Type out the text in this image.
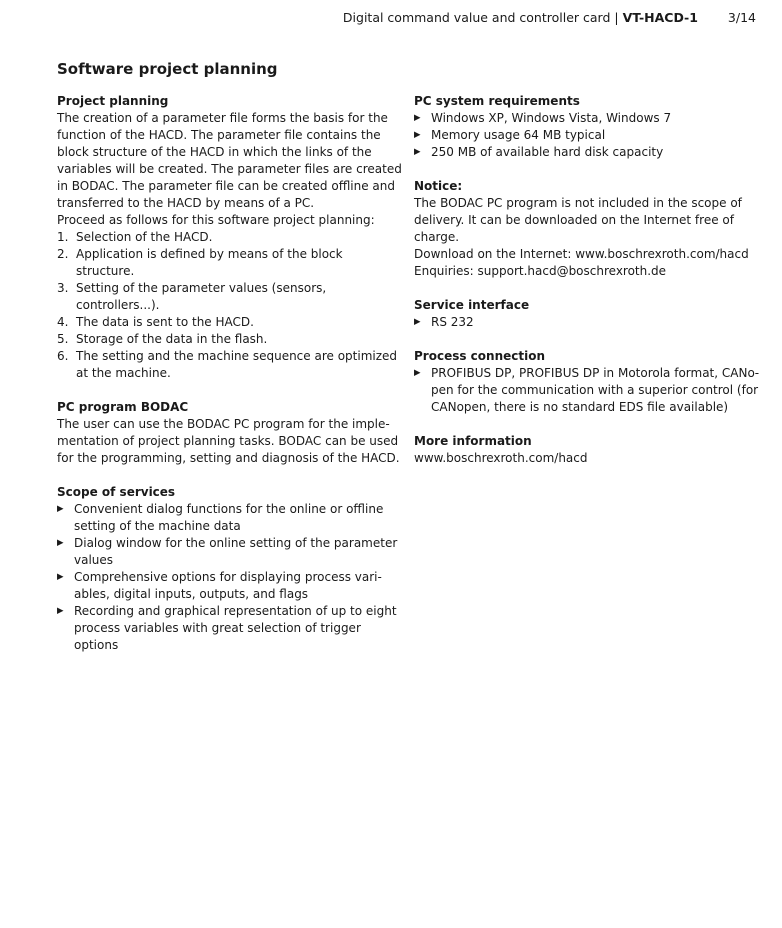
Digital command value and controller card | VT-HACD-1 3/14
Software project planning
Project planning
The creation of a parameter file forms the basis for the function of the HACD. The parameter file contains the block structure of the HACD in which the links of the variables will be created. The parameter files are created in BODAC. The parameter file can be created offline and transferred to the HACD by means of a PC.
Proceed as follows for this software project planning:
1. Selection of the HACD.
2. Application is defined by means of the block structure.
3. Setting of the parameter values (sensors, controllers...).
4. The data is sent to the HACD.
5. Storage of the data in the flash.
6. The setting and the machine sequence are optimized at the machine.
PC program BODAC
The user can use the BODAC PC program for the implementation of project planning tasks. BODAC can be used for the programming, setting and diagnosis of the HACD.
Scope of services
▶ Convenient dialog functions for the online or offline setting of the machine data
▶ Dialog window for the online setting of the parameter values
▶ Comprehensive options for displaying process variables, digital inputs, outputs, and flags
▶ Recording and graphical representation of up to eight process variables with great selection of trigger options
PC system requirements
▶ Windows XP, Windows Vista, Windows 7
▶ Memory usage 64 MB typical
▶ 250 MB of available hard disk capacity
Notice:
The BODAC PC program is not included in the scope of delivery. It can be downloaded on the Internet free of charge.
Download on the Internet: www.boschrexroth.com/hacd
Enquiries: support.hacd@boschrexroth.de
Service interface
▶ RS 232
Process connection
▶ PROFIBUS DP, PROFIBUS DP in Motorola format, CANopen for the communication with a superior control (for CANopen, there is no standard EDS file available)
More information
www.boschrexroth.com/hacd
